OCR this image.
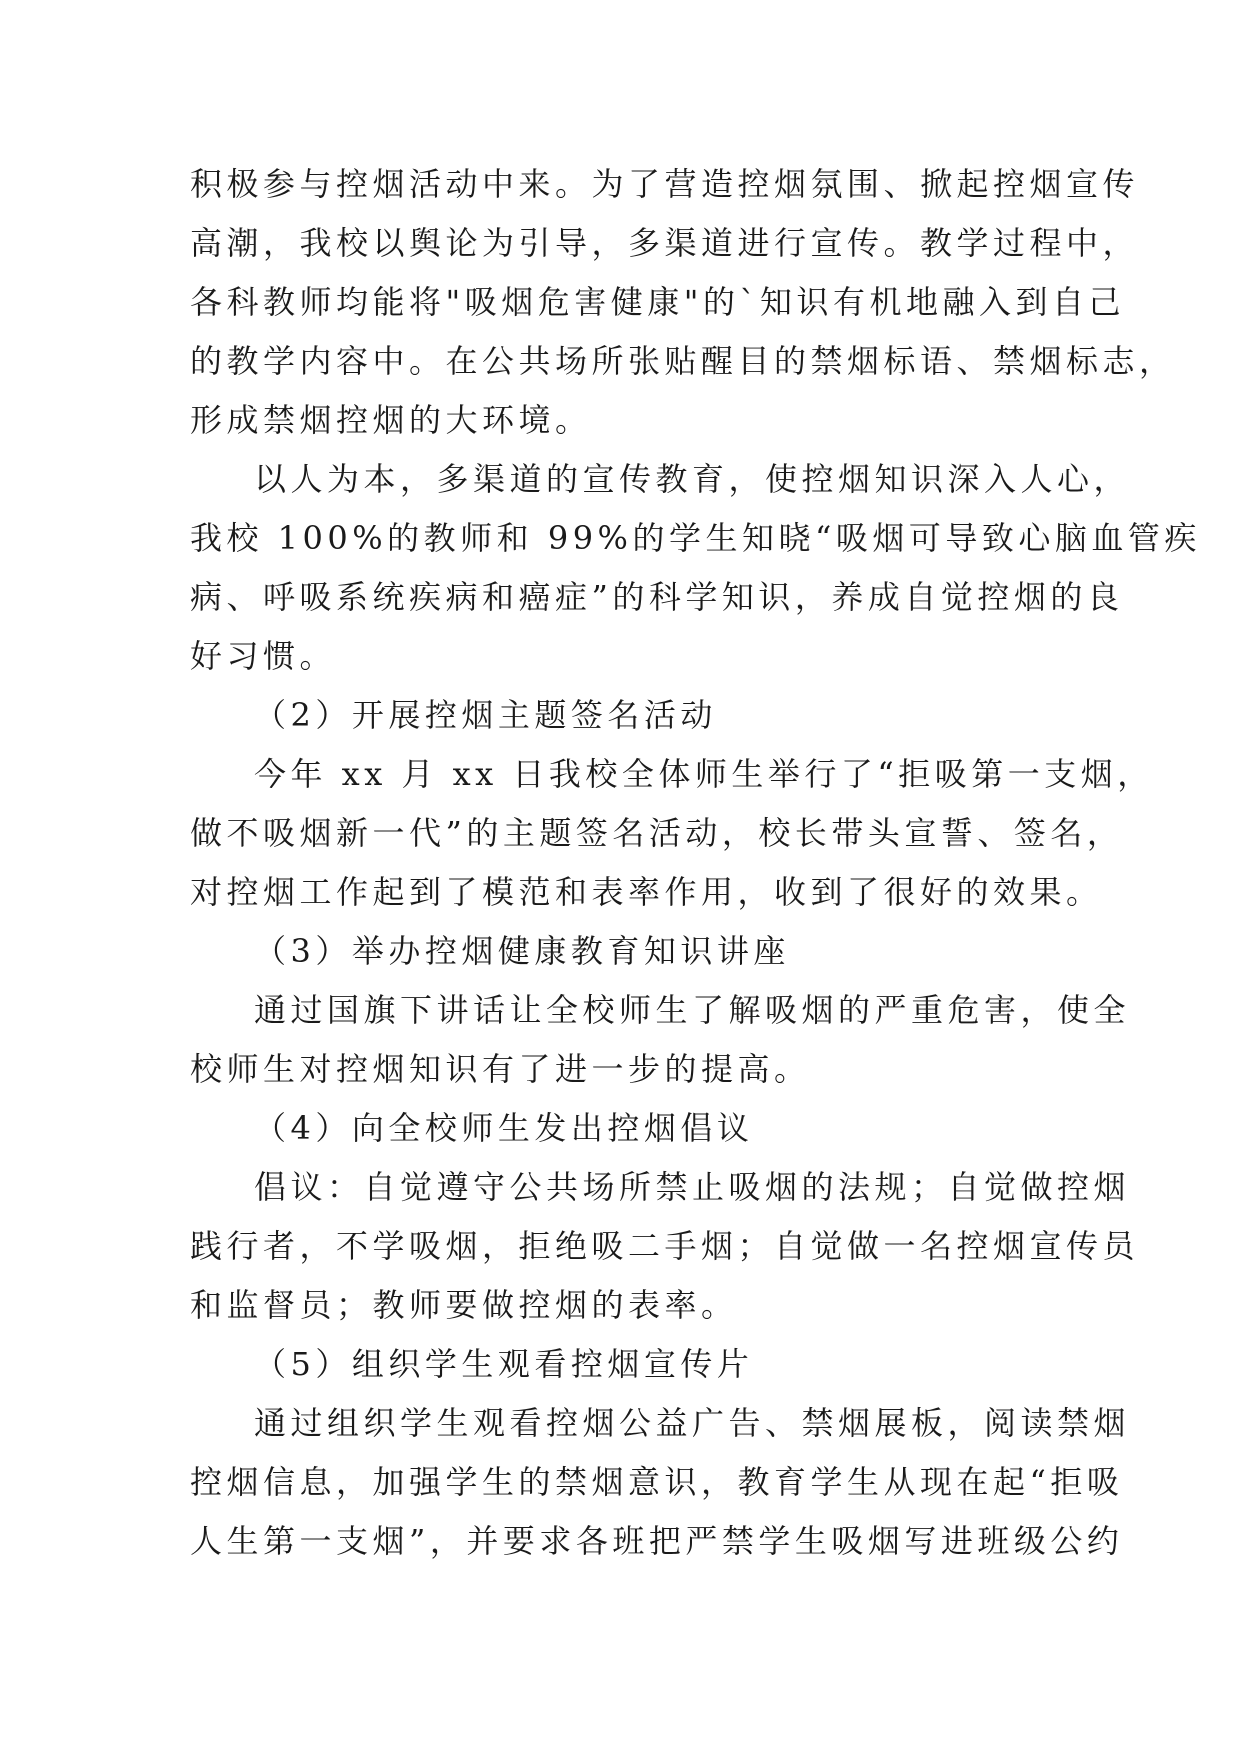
积极参与控烟活动中来。为了营造控烟氛围、掀起控烟宣传
高潮，我校以舆论为引导，多渠道进行宣传。教学过程中，
各科教师均能将"吸烟危害健康"的`知识有机地融入到自己
的教学内容中。在公共场所张贴醒目的禁烟标语、禁烟标志，
形成禁烟控烟的大环境。
以人为本，多渠道的宣传教育，使控烟知识深入人心，
我校 100%的教师和 99%的学生知晓“吸烟可导致心脑血管疾
病、呼吸系统疾病和癌症”的科学知识，养成自觉控烟的良
好习惯。
（2）开展控烟主题签名活动
今年 xx 月 xx 日我校全体师生举行了“拒吸第一支烟，
做不吸烟新一代”的主题签名活动，校长带头宣誓、签名，
对控烟工作起到了模范和表率作用，收到了很好的效果。
（3）举办控烟健康教育知识讲座
通过国旗下讲话让全校师生了解吸烟的严重危害，使全
校师生对控烟知识有了进一步的提高。
（4）向全校师生发出控烟倡议
倡议：自觉遵守公共场所禁止吸烟的法规；自觉做控烟
践行者，不学吸烟，拒绝吸二手烟；自觉做一名控烟宣传员
和监督员；教师要做控烟的表率。
（5）组织学生观看控烟宣传片
通过组织学生观看控烟公益广告、禁烟展板，阅读禁烟
控烟信息，加强学生的禁烟意识，教育学生从现在起“拒吸
人生第一支烟”，并要求各班把严禁学生吸烟写进班级公约
